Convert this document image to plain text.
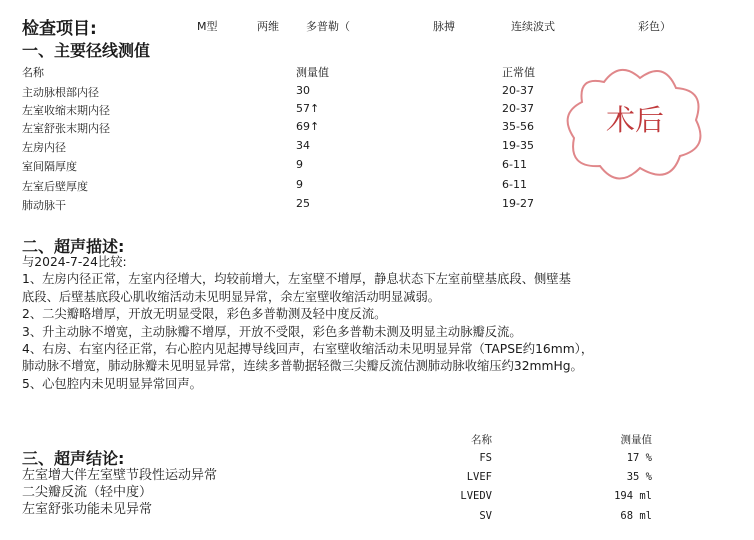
检查项目:	M型	两维 多普勒（	脉搏	连续波式	彩色）
一、主要径线测值
名称	测量值	正常值
主动脉根部内径	30	20-37
左室收缩末期内径	57↑	20-37
左室舒张末期内径	69↑	35-56
左房内径	34	19-35
室间隔厚度	9	6-11
左室后壁厚度	9	6-11
肺动脉干	25	19-27
术后
二、超声描述:
与2024-7-24比较:
1、左房内径正常，左室内径增大，均较前增大，左室壁不增厚，静息状态下左室前壁基底段、侧壁基
底段、后壁基底段心肌收缩活动未见明显异常，余左室壁收缩活动明显减弱。
2、二尖瓣略增厚，开放无明显受限，彩色多普勒测及轻中度反流。
3、升主动脉不增宽，主动脉瓣不增厚，开放不受限，彩色多普勒未测及明显主动脉瓣反流。
4、右房、右室内径正常，右心腔内见起搏导线回声，右室壁收缩活动未见明显异常（TAPSE约16mm），
肺动脉不增宽，肺动脉瓣未见明显异常，连续多普勒据轻微三尖瓣反流估测肺动脉收缩压约32mmHg。
5、心包腔内未见明显异常回声。
三、超声结论:
左室增大伴左室壁节段性运动异常
二尖瓣反流（轻中度）
左室舒张功能未见异常
名称	测量值
FS	17 %
LVEF	35 %
LVEDV	194 ml
SV	68 ml
